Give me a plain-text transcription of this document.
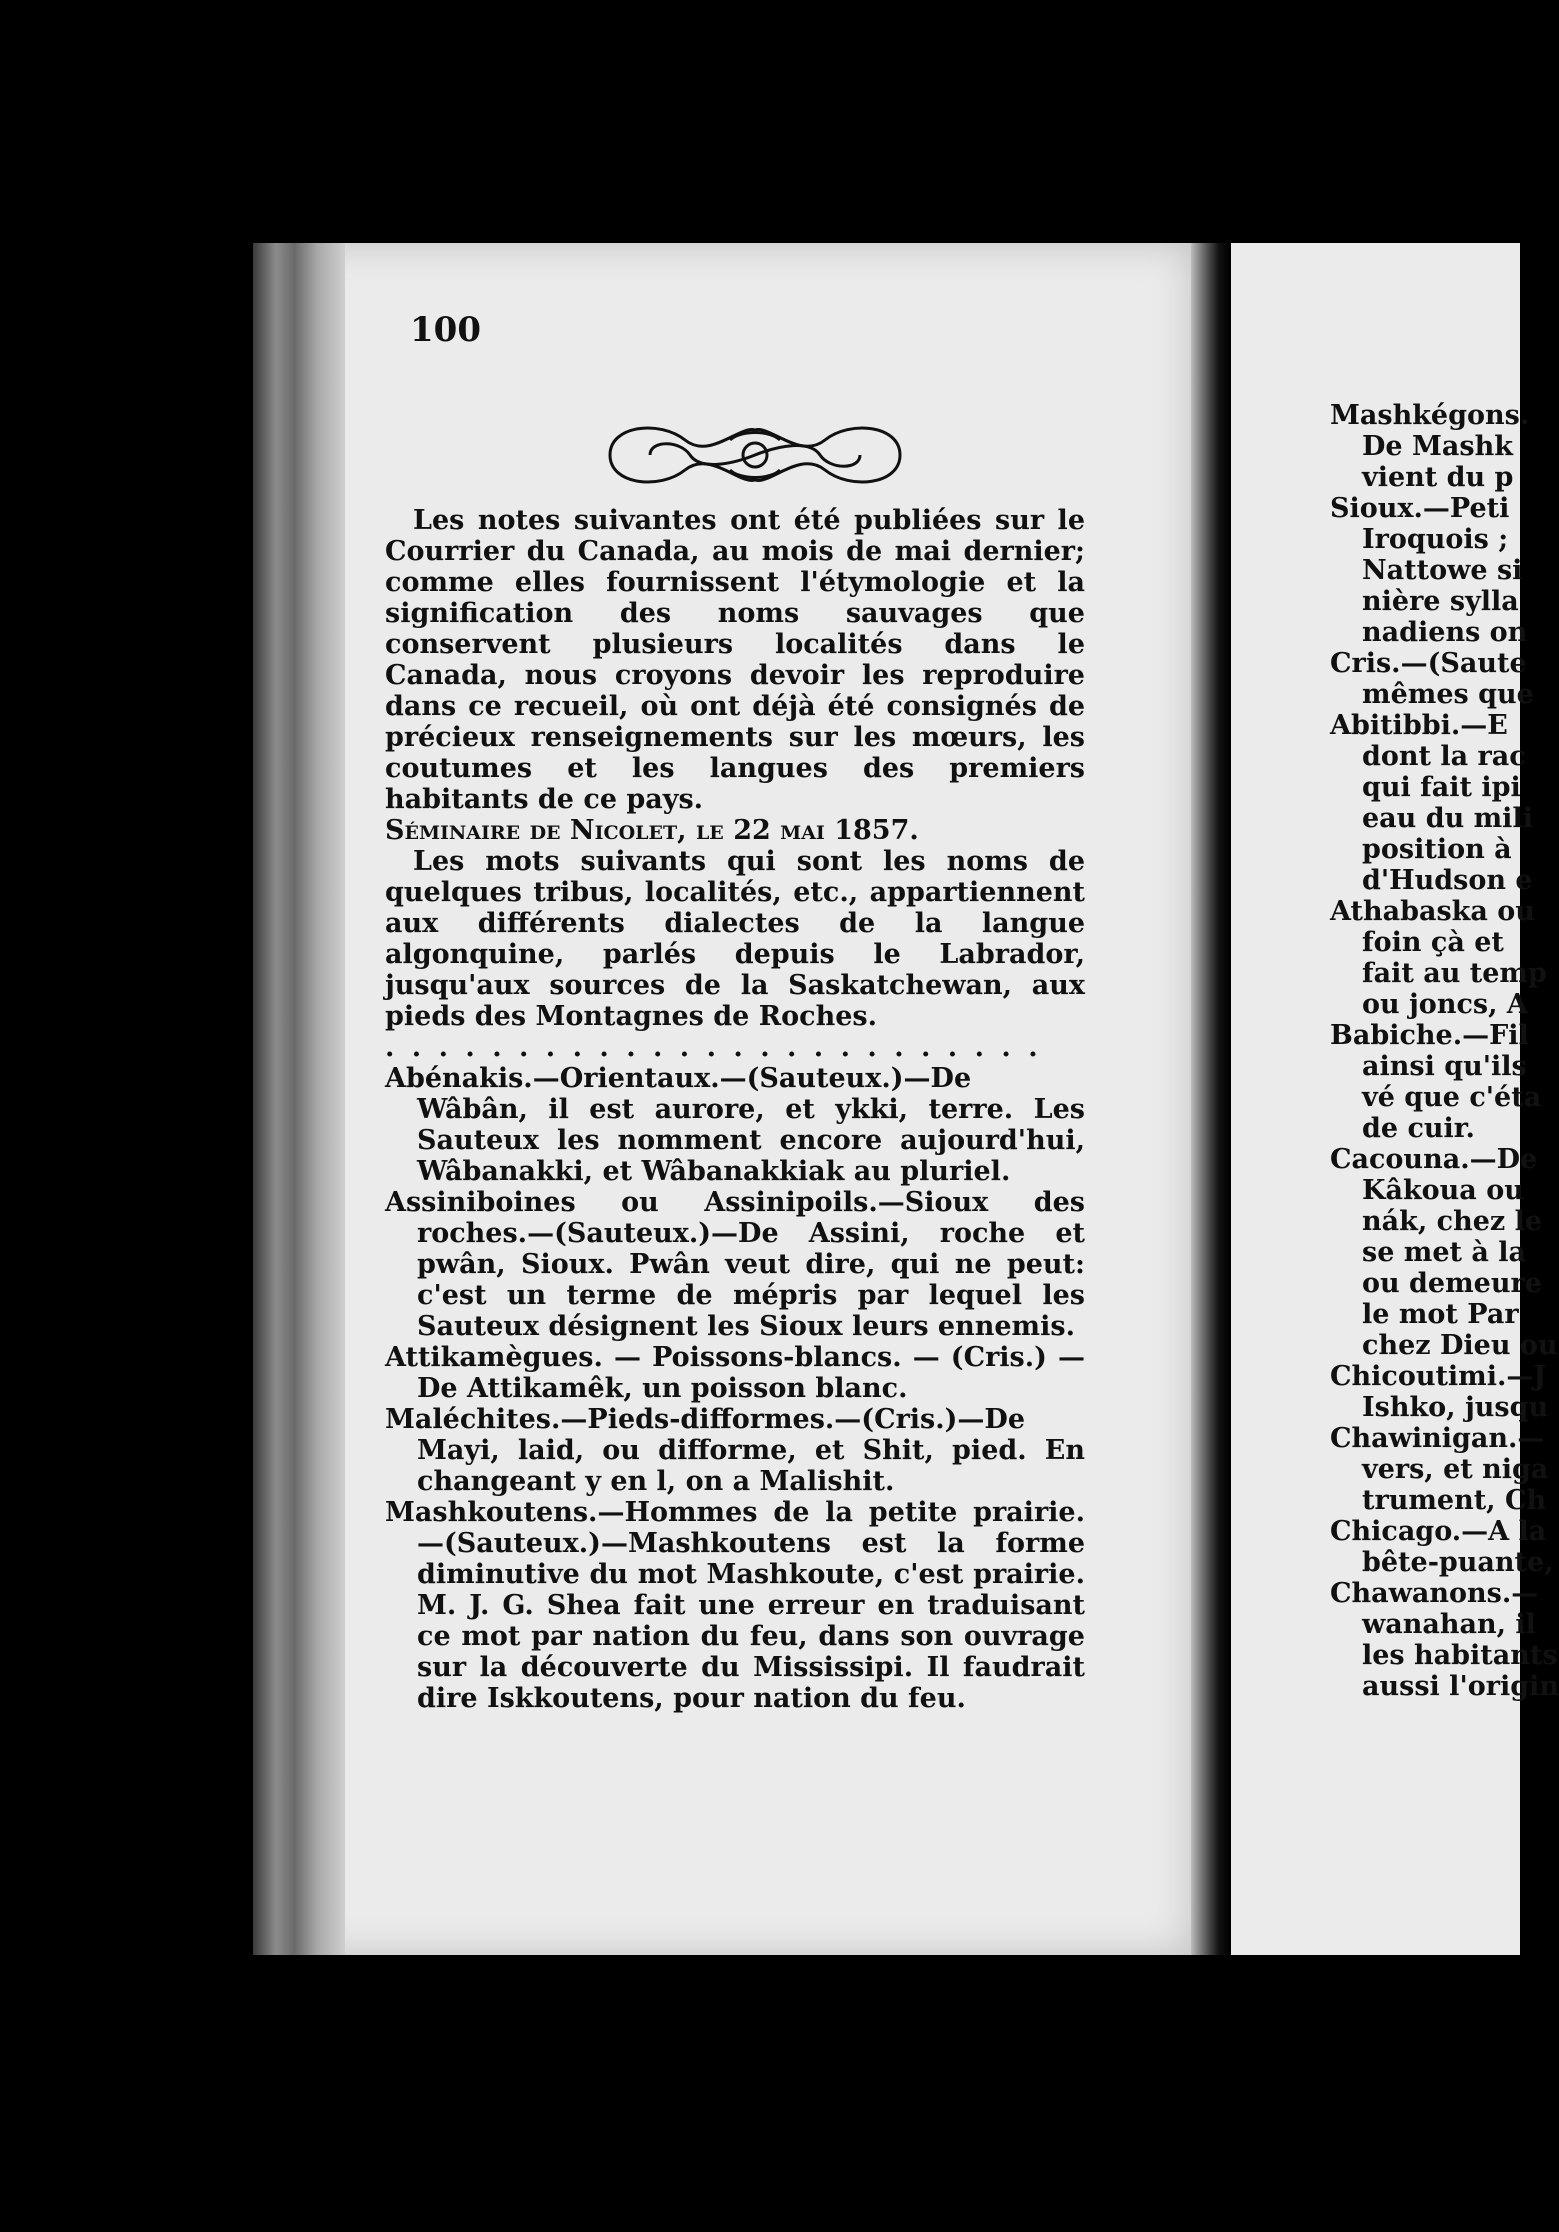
100

Les notes suivantes ont été publiées sur le Courrier du Canada, au mois de mai dernier; comme elles fournissent l'étymologie et la signification des noms sauvages que conservent plusieurs localités dans le Canada, nous croyons devoir les reproduire dans ce recueil, où ont déjà été consignés de précieux renseignements sur les mœurs, les coutumes et les langues des premiers habitants de ce pays.

Séminaire de Nicolet, le 22 mai 1857.

Les mots suivants qui sont les noms de quelques tribus, localités, etc., appartiennent aux différents dialectes de la langue algonquine, parlés depuis le Labrador, jusqu'aux sources de la Saskatchewan, aux pieds des Montagnes de Roches.

. . . . . . . . . . . . . . . . . . . . . . . . .

Abénakis.—Orientaux.—(Sauteux.)—De Wâbân, il est aurore, et ykki, terre. Les Sauteux les nomment encore aujourd'hui, Wâbanakki, et Wâbanakkiak au pluriel.

Assiniboines ou Assinipoils.—Sioux des roches.—(Sauteux.)—De Assini, roche et pwân, Sioux. Pwân veut dire, qui ne peut: c'est un terme de mépris par lequel les Sauteux désignent les Sioux leurs ennemis.

Attikamègues. — Poissons-blancs. — (Cris.) —De Attikamêk, un poisson blanc.

Maléchites.—Pieds-difformes.—(Cris.)—De Mayi, laid, ou difforme, et Shit, pied. En changeant y en l, on a Malishit.

Mashkoutens.—Hommes de la petite prairie.—(Sauteux.)—Mashkoutens est la forme diminutive du mot Mashkoute, c'est prairie. M. J. G. Shea fait une erreur en traduisant ce mot par nation du feu, dans son ouvrage sur la découverte du Mississipi. Il faudrait dire Iskkoutens, pour nation du feu.

Mashkégons.
De Mashk
vient du p
Sioux.—Peti
Iroquois ;
Nattowe si
nière sylla
nadiens on
Cris.—(Saute
mêmes que
Abitibbi.—E
dont la rac
qui fait ipi
eau du mili
position à
d'Hudson e
Athabaska ou
foin çà et
fait au temp
ou joncs, A
Babiche.—Fil
ainsi qu'ils
vé que c'éta
de cuir.
Cacouna.—De
Kâkoua ou
nák, chez le
se met à la
ou demeure
le mot Par
chez Dieu ou
Chicoutimi.—J
Ishko, jusqu
Chawinigan.—
vers, et niga
trument, Ch
Chicago.—A la
bête-puante,
Chawanons.—
wanahan, il
les habitants
aussi l'origin
